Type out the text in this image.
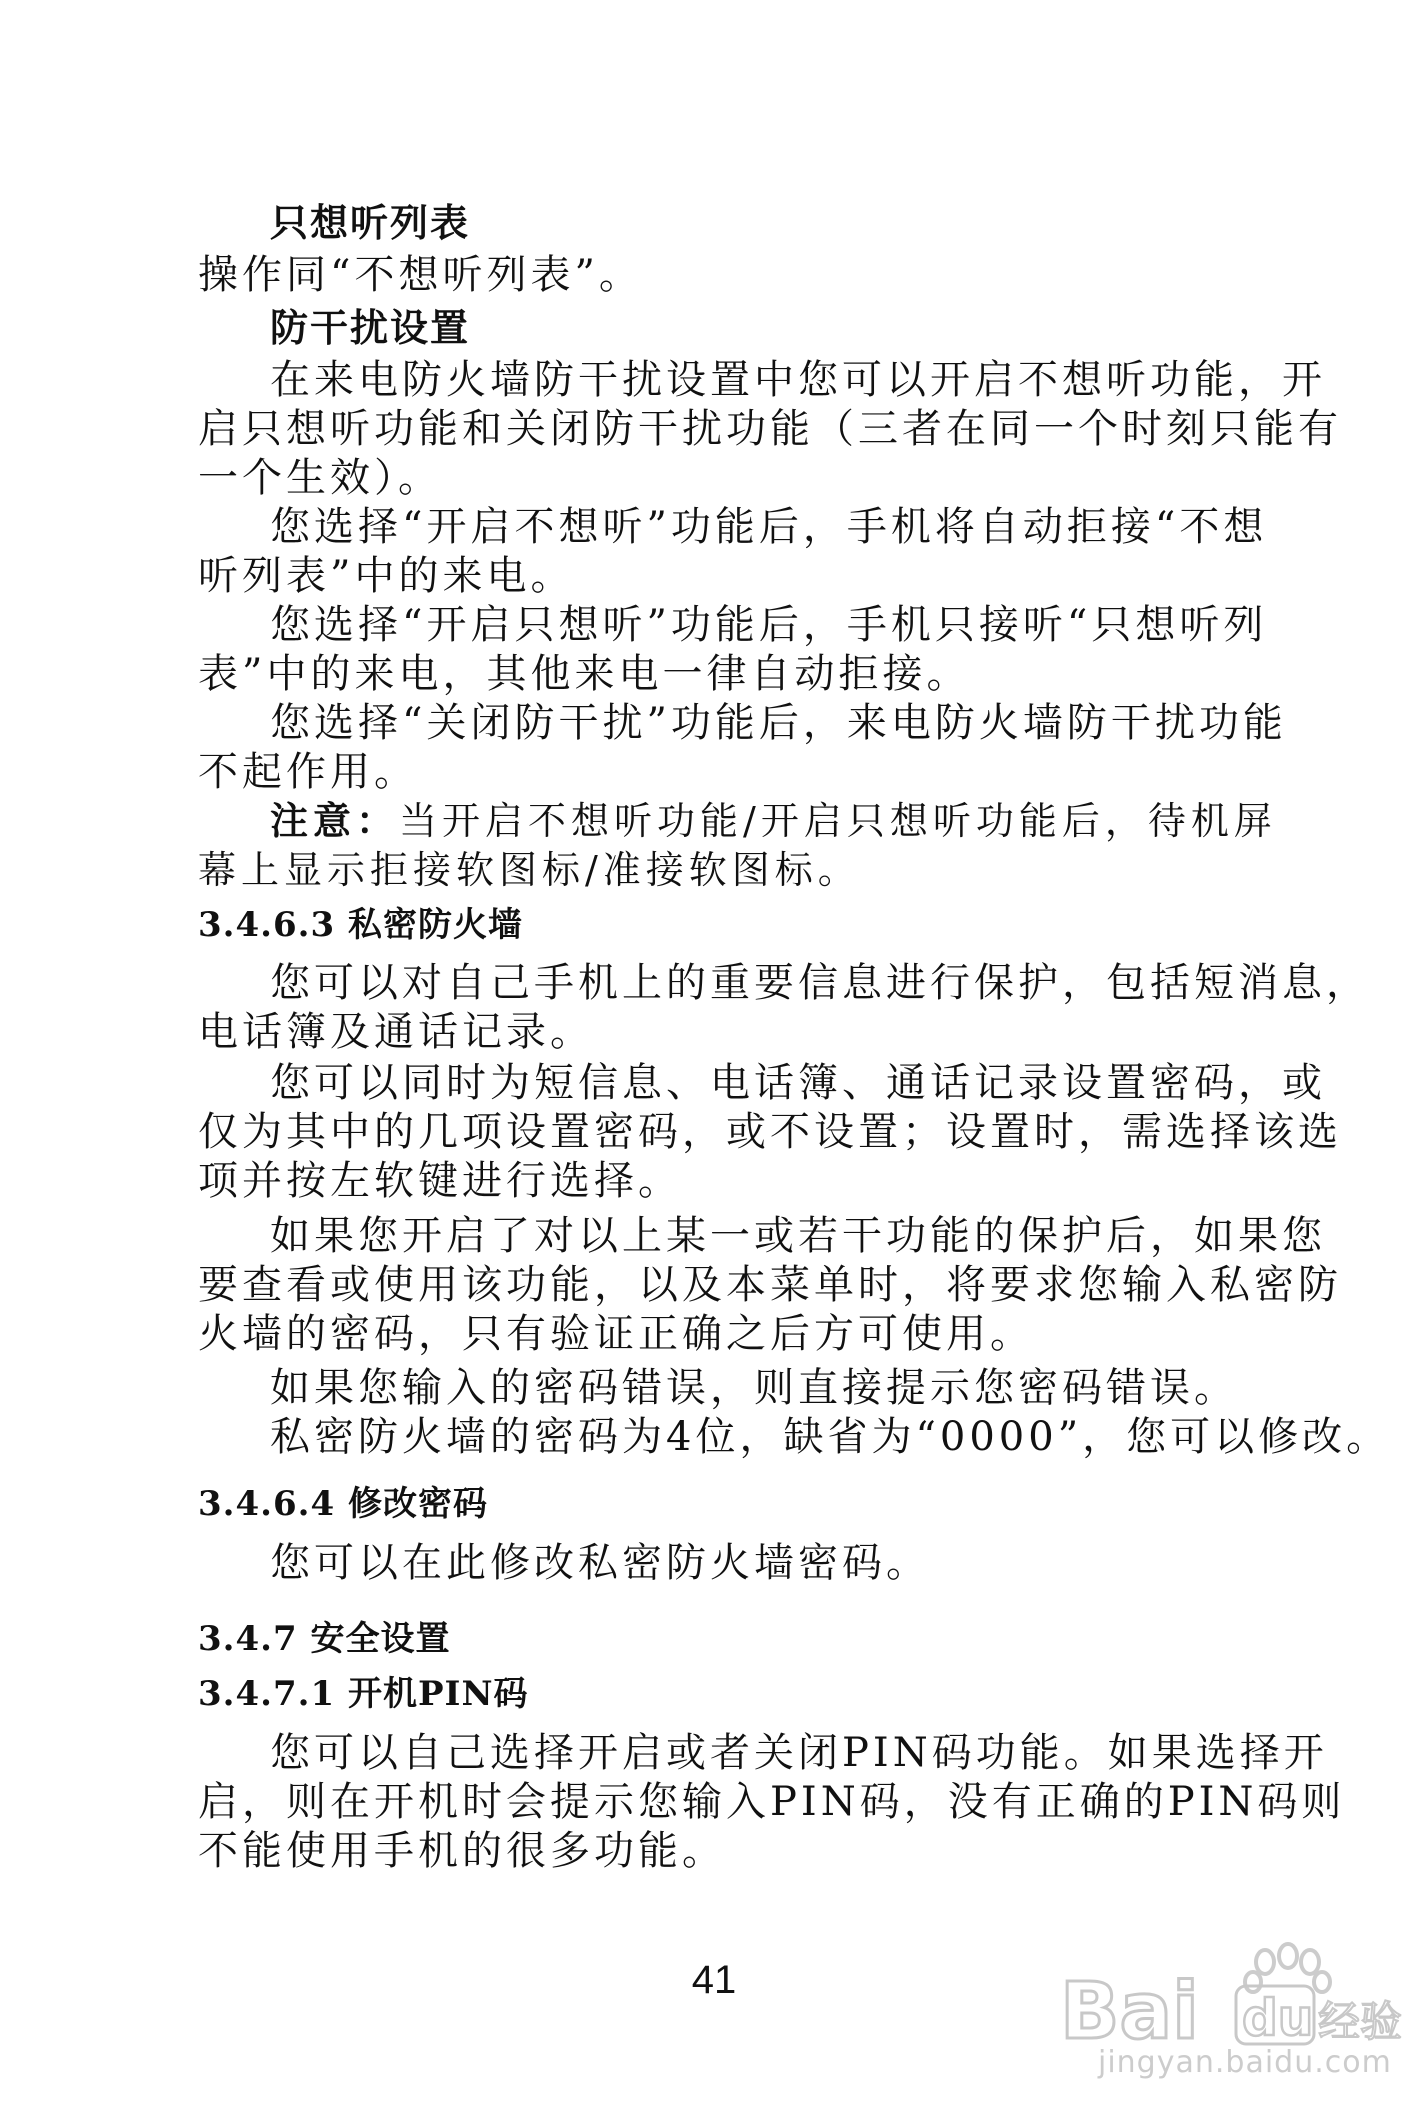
只想听列表
操作同“不想听列表”。
防干扰设置
在来电防火墙防干扰设置中您可以开启不想听功能，开
启只想听功能和关闭防干扰功能（三者在同一个时刻只能有
一个生效）。
您选择“开启不想听”功能后，手机将自动拒接“不想
听列表”中的来电。
您选择“开启只想听”功能后，手机只接听“只想听列
表”中的来电，其他来电一律自动拒接。
您选择“关闭防干扰”功能后，来电防火墙防干扰功能
不起作用。
注意：当开启不想听功能/开启只想听功能后，待机屏
幕上显示拒接软图标/准接软图标。
3.4.6.3 私密防火墙
您可以对自己手机上的重要信息进行保护，包括短消息，
电话簿及通话记录。
您可以同时为短信息、电话簿、通话记录设置密码，或
仅为其中的几项设置密码，或不设置；设置时，需选择该选
项并按左软键进行选择。
如果您开启了对以上某一或若干功能的保护后，如果您
要查看或使用该功能，以及本菜单时，将要求您输入私密防
火墙的密码，只有验证正确之后方可使用。
如果您输入的密码错误，则直接提示您密码错误。
私密防火墙的密码为4位，缺省为“0000”，您可以修改。
3.4.6.4 修改密码
您可以在此修改私密防火墙密码。
3.4.7 安全设置
3.4.7.1 开机PIN码
您可以自己选择开启或者关闭PIN码功能。如果选择开
启，则在开机时会提示您输入PIN码，没有正确的PIN码则
不能使用手机的很多功能。
41	Bai du 经验
jingyan.baidu.com
